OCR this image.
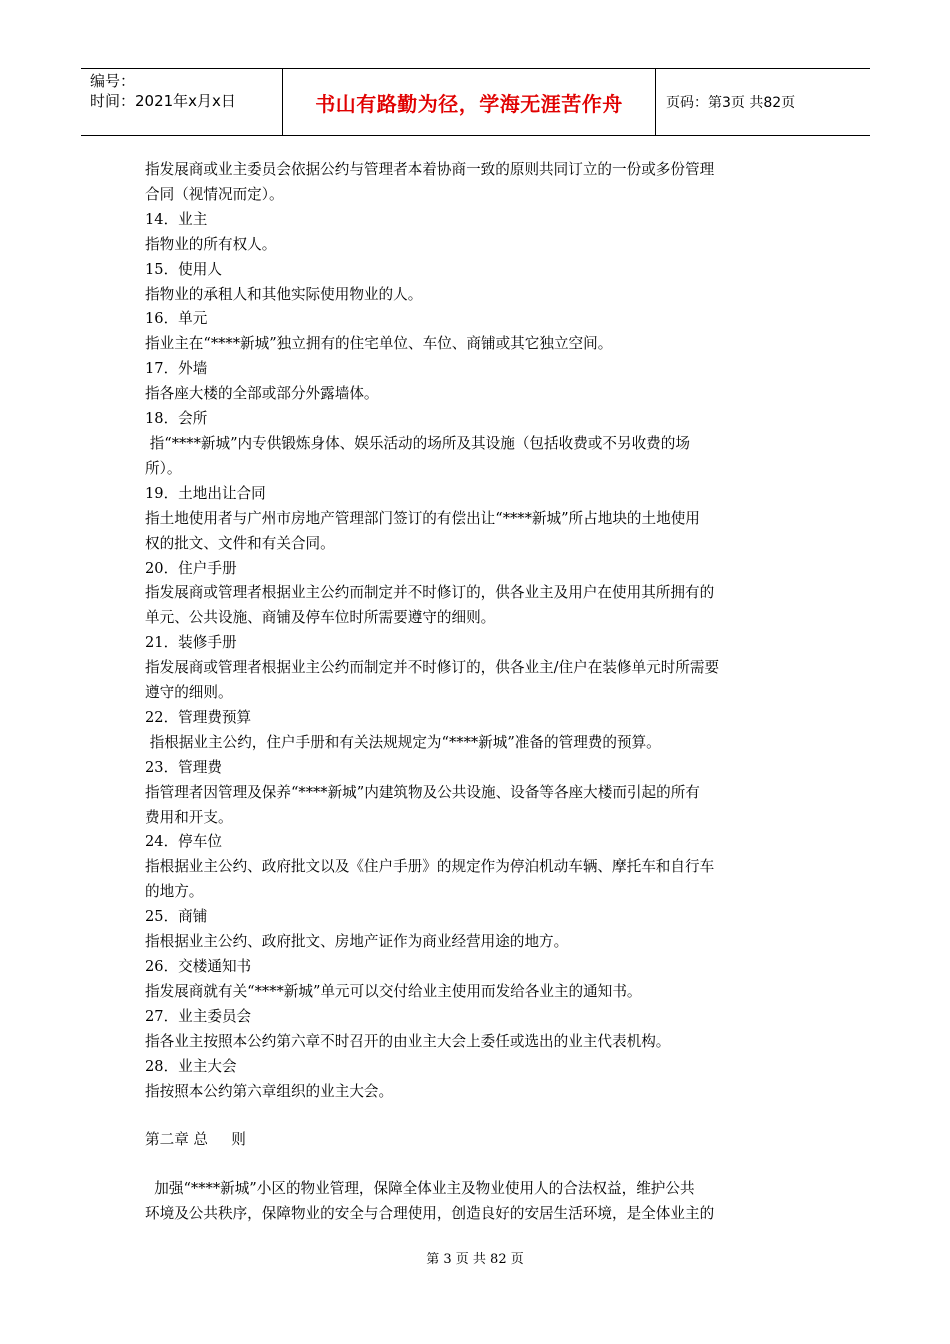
编号：
时间：2021年x月x日	书山有路勤为径，学海无涯苦作舟	页码：第3页 共82页

指发展商或业主委员会依据公约与管理者本着协商一致的原则共同订立的一份或多份管理

合同（视情况而定）。

14．业主

指物业的所有权人。

15．使用人

指物业的承租人和其他实际使用物业的人。

16．单元

指业主在“****新城”独立拥有的住宅单位、车位、商铺或其它独立空间。

17．外墙

指各座大楼的全部或部分外露墙体。

18．会所

指“****新城”内专供锻炼身体、娱乐活动的场所及其设施（包括收费或不另收费的场

所）。

19．土地出让合同

指土地使用者与广州市房地产管理部门签订的有偿出让“****新城”所占地块的土地使用

权的批文、文件和有关合同。

20．住户手册

指发展商或管理者根据业主公约而制定并不时修订的，供各业主及用户在使用其所拥有的

单元、公共设施、商铺及停车位时所需要遵守的细则。

21．装修手册

指发展商或管理者根据业主公约而制定并不时修订的，供各业主/住户在装修单元时所需要

遵守的细则。

22．管理费预算

指根据业主公约，住户手册和有关法规规定为“****新城”准备的管理费的预算。

23．管理费

指管理者因管理及保养“****新城”内建筑物及公共设施、设备等各座大楼而引起的所有

费用和开支。

24．停车位

指根据业主公约、政府批文以及《住户手册》的规定作为停泊机动车辆、摩托车和自行车

的地方。

25．商铺

指根据业主公约、政府批文、房地产证作为商业经营用途的地方。

26．交楼通知书

指发展商就有关“****新城”单元可以交付给业主使用而发给各业主的通知书。

27．业主委员会

指各业主按照本公约第六章不时召开的由业主大会上委任或选出的业主代表机构。

28．业主大会

指按照本公约第六章组织的业主大会。

第二章 总     则

加强“****新城”小区的物业管理，保障全体业主及物业使用人的合法权益，维护公共

环境及公共秩序，保障物业的安全与合理使用，创造良好的安居生活环境，是全体业主的

第 3 页 共 82 页
